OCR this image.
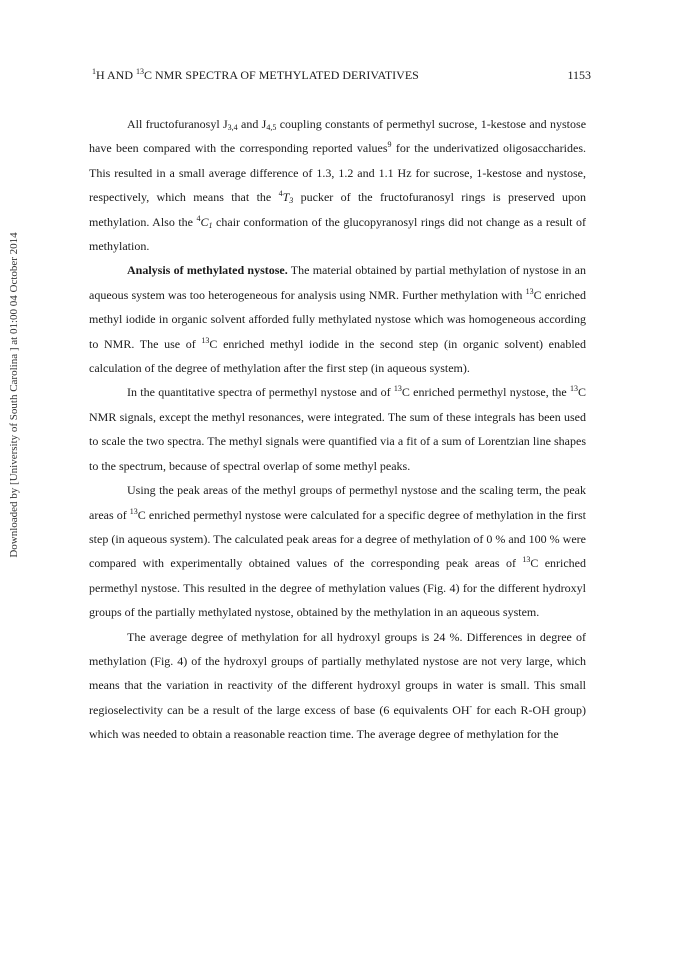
Downloaded by [University of South Carolina ] at 01:00 04 October 2014
$^1$H AND $^{13}$C NMR SPECTRA OF METHYLATED DERIVATIVES	1153

All fructofuranosyl $J_{3,4}$ and $J_{4,5}$ coupling constants of permethyl sucrose, 1-kestose and nystose have been compared with the corresponding reported values$^9$ for the underivatized oligosaccharides. This resulted in a small average difference of 1.3, 1.2 and 1.1 Hz for sucrose, 1-kestose and nystose, respectively, which means that the $^4T_3$ pucker of the fructofuranosyl rings is preserved upon methylation. Also the $^4C_1$ chair conformation of the glucopyranosyl rings did not change as a result of methylation.

Analysis of methylated nystose. The material obtained by partial methylation of nystose in an aqueous system was too heterogeneous for analysis using NMR. Further methylation with $^{13}$C enriched methyl iodide in organic solvent afforded fully methylated nystose which was homogeneous according to NMR. The use of $^{13}$C enriched methyl iodide in the second step (in organic solvent) enabled calculation of the degree of methylation after the first step (in aqueous system).

In the quantitative spectra of permethyl nystose and of $^{13}$C enriched permethyl nystose, the $^{13}$C NMR signals, except the methyl resonances, were integrated. The sum of these integrals has been used to scale the two spectra. The methyl signals were quantified via a fit of a sum of Lorentzian line shapes to the spectrum, because of spectral overlap of some methyl peaks.

Using the peak areas of the methyl groups of permethyl nystose and the scaling term, the peak areas of $^{13}$C enriched permethyl nystose were calculated for a specific degree of methylation in the first step (in aqueous system). The calculated peak areas for a degree of methylation of 0 % and 100 % were compared with experimentally obtained values of the corresponding peak areas of $^{13}$C enriched permethyl nystose. This resulted in the degree of methylation values (Fig. 4) for the different hydroxyl groups of the partially methylated nystose, obtained by the methylation in an aqueous system.

The average degree of methylation for all hydroxyl groups is 24 %. Differences in degree of methylation (Fig. 4) of the hydroxyl groups of partially methylated nystose are not very large, which means that the variation in reactivity of the different hydroxyl groups in water is small. This small regioselectivity can be a result of the large excess of base (6 equivalents OH- for each R-OH group) which was needed to obtain a reasonable reaction time. The average degree of methylation for the
